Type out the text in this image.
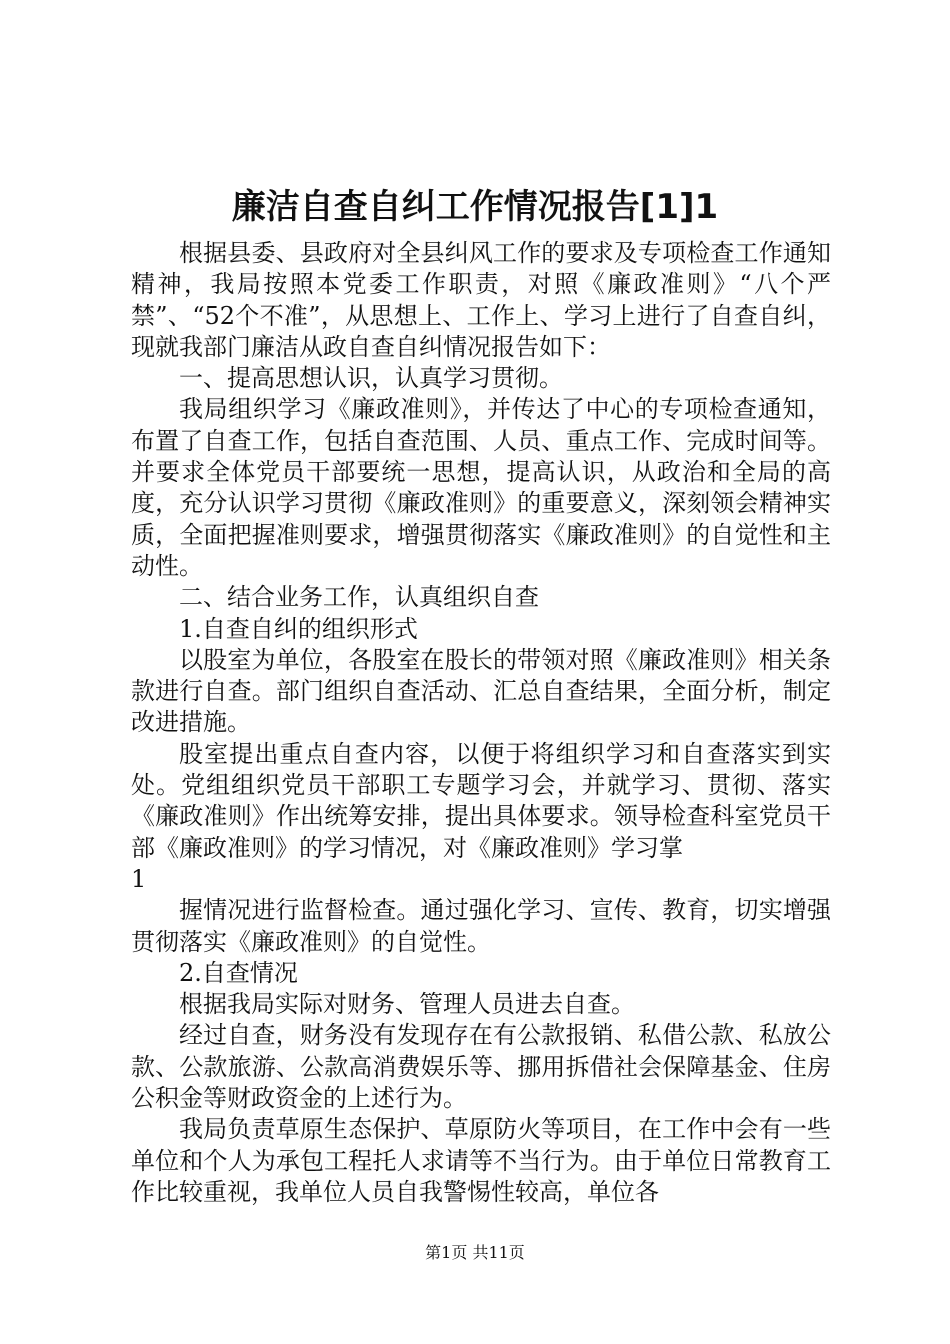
廉洁自查自纠工作情况报告[1]1

根据县委、县政府对全县纠风工作的要求及专项检查工作通知精神，我局按照本党委工作职责，对照《廉政准则》“八个严禁”、“52个不准”，从思想上、工作上、学习上进行了自查自纠，现就我部门廉洁从政自查自纠情况报告如下：

一、提高思想认识，认真学习贯彻。

我局组织学习《廉政准则》，并传达了中心的专项检查通知，布置了自查工作，包括自查范围、人员、重点工作、完成时间等。并要求全体党员干部要统一思想，提高认识，从政治和全局的高度，充分认识学习贯彻《廉政准则》的重要意义，深刻领会精神实质，全面把握准则要求，增强贯彻落实《廉政准则》的自觉性和主动性。

二、结合业务工作，认真组织自查

1.自查自纠的组织形式

以股室为单位，各股室在股长的带领对照《廉政准则》相关条款进行自查。部门组织自查活动、汇总自查结果，全面分析，制定改进措施。

股室提出重点自查内容，以便于将组织学习和自查落实到实处。党组组织党员干部职工专题学习会，并就学习、贯彻、落实《廉政准则》作出统筹安排，提出具体要求。领导检查科室党员干部《廉政准则》的学习情况，对《廉政准则》学习掌

1

握情况进行监督检查。通过强化学习、宣传、教育，切实增强贯彻落实《廉政准则》的自觉性。

2.自查情况

根据我局实际对财务、管理人员进去自查。

经过自查，财务没有发现存在有公款报销、私借公款、私放公款、公款旅游、公款高消费娱乐等、挪用拆借社会保障基金、住房公积金等财政资金的上述行为。

我局负责草原生态保护、草原防火等项目，在工作中会有一些单位和个人为承包工程托人求请等不当行为。由于单位日常教育工作比较重视，我单位人员自我警惕性较高，单位各

第1页 共11页
